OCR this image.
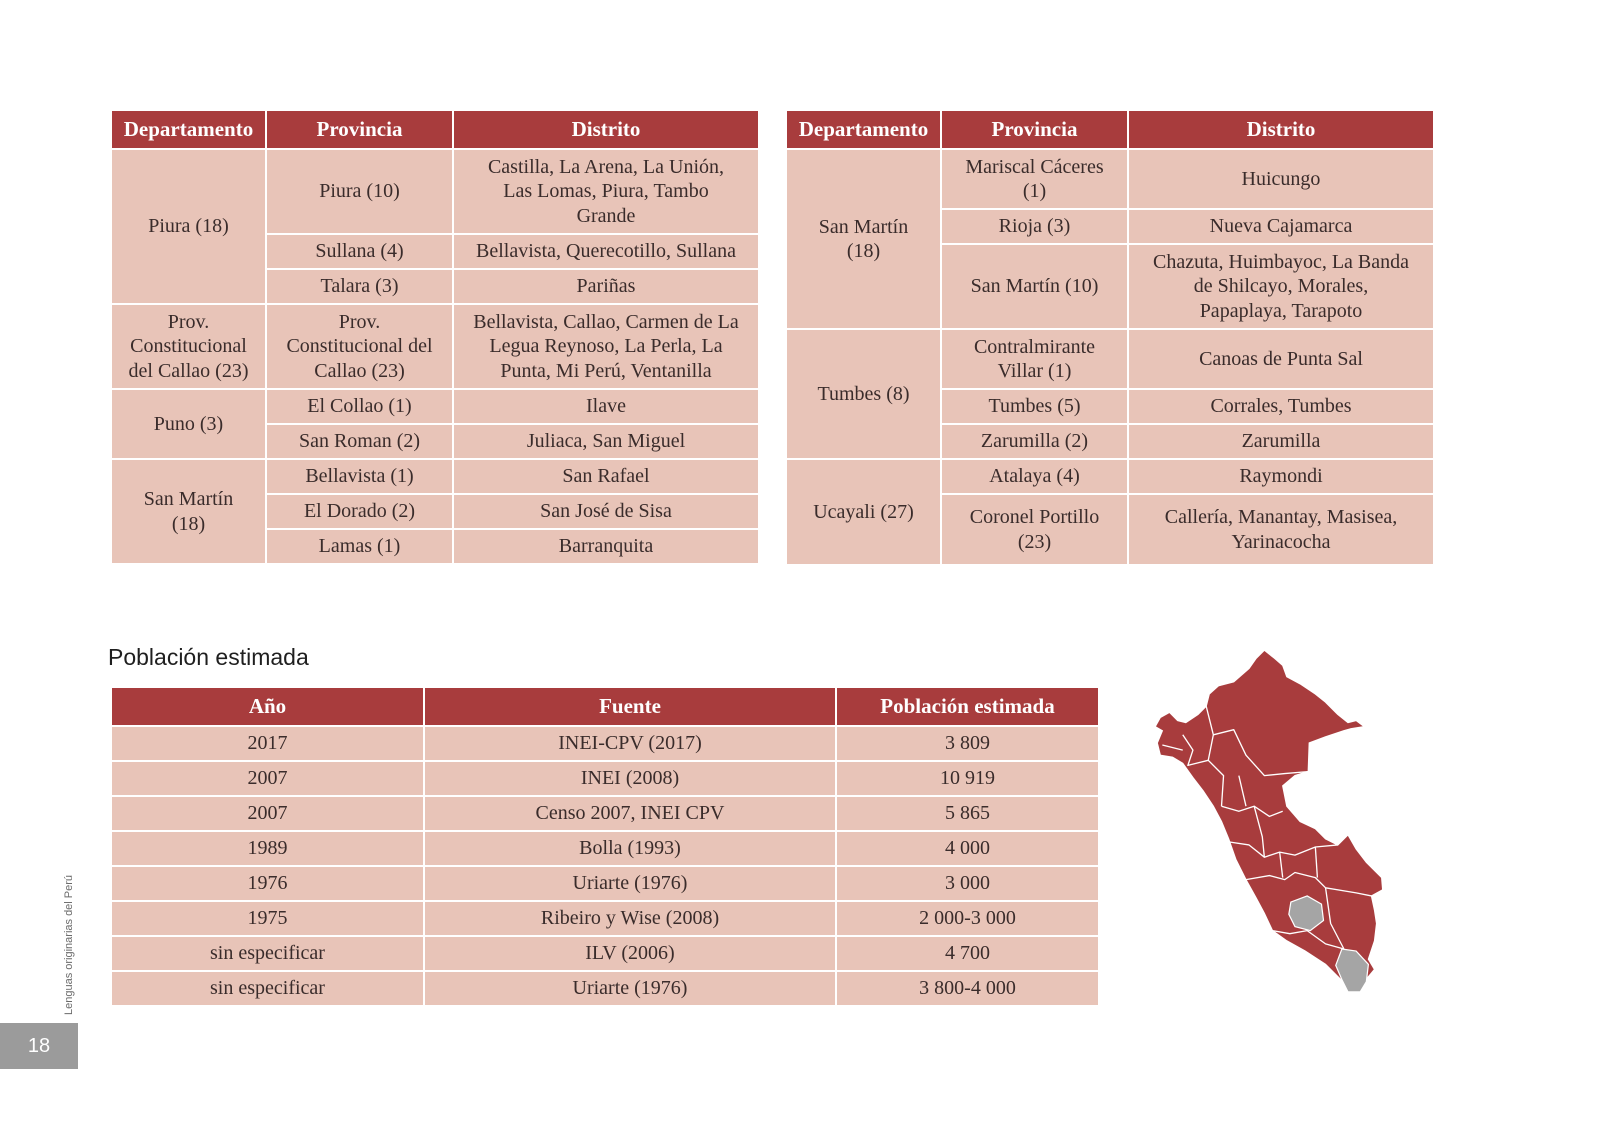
Departamento	Provincia	Distrito
Piura (18)	Piura (10)	Castilla, La Arena, La Unión, Las Lomas, Piura, Tambo Grande
	Sullana (4)	Bellavista, Querecotillo, Sullana
	Talara (3)	Pariñas
Prov. Constitucional del Callao (23)	Prov. Constitucional del Callao (23)	Bellavista, Callao, Carmen de La Legua Reynoso, La Perla, La Punta, Mi Perú, Ventanilla
Puno (3)	El Collao (1)	Ilave
	San Roman (2)	Juliaca, San Miguel
San Martín (18)	Bellavista (1)	San Rafael
	El Dorado (2)	San José de Sisa
	Lamas (1)	Barranquita
Departamento	Provincia	Distrito
San Martín (18)	Mariscal Cáceres (1)	Huicungo
	Rioja (3)	Nueva Cajamarca
	San Martín (10)	Chazuta, Huimbayoc, La Banda de Shilcayo, Morales, Papaplaya, Tarapoto
Tumbes (8)	Contralmirante Villar (1)	Canoas de Punta Sal
	Tumbes (5)	Corrales, Tumbes
	Zarumilla (2)	Zarumilla
Ucayali (27)	Atalaya (4)	Raymondi
	Coronel Portillo (23)	Callería, Manantay, Masisea, Yarinacocha
Población estimada
Año	Fuente	Población estimada
2017	INEI-CPV (2017)	3 809
2007	INEI (2008)	10 919
2007	Censo 2007, INEI CPV	5 865
1989	Bolla (1993)	4 000
1976	Uriarte (1976)	3 000
1975	Ribeiro y Wise (2008)	2 000-3 000
sin especificar	ILV (2006)	4 700
sin especificar	Uriarte (1976)	3 800-4 000
Lenguas originarias del Perú
18
